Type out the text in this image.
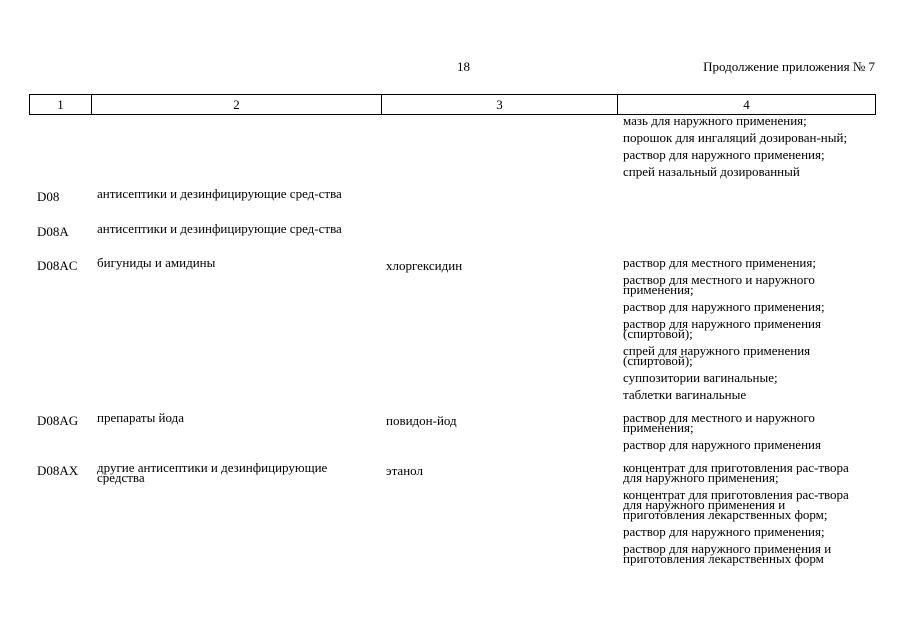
18	Продолжение приложения № 7
1	2	3	4
мазь для наружного применения;
порошок для ингаляций дозирован-ный;
раствор для наружного применения;
спрей назальный дозированный
D08	антисептики и дезинфицирующие сред-ства
D08A	антисептики и дезинфицирующие сред-ства
D08AC	бигуниды и амидины	хлоргексидин	раствор для местного применения;
раствор для местного и наружного применения;
раствор для наружного применения;
раствор для наружного применения (спиртовой);
спрей для наружного применения (спиртовой);
суппозитории вагинальные;
таблетки вагинальные
D08AG	препараты йода	повидон-йод	раствор для местного и наружного применения;
раствор для наружного применения
D08AX	другие антисептики и дезинфицирующие средства	этанол	концентрат для приготовления рас-твора для наружного применения;
концентрат для приготовления рас-твора для наружного применения и приготовления лекарственных форм;
раствор для наружного применения;
раствор для наружного применения и приготовления лекарственных форм
